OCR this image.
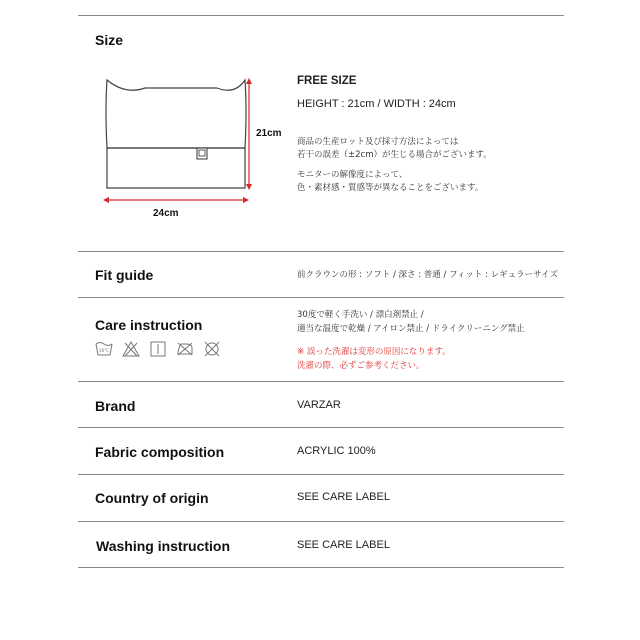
Size
21cm
24cm
FREE SIZE
HEIGHT : 21cm / WIDTH : 24cm
商品の生産ロット及び採寸方法によっては
若干の誤差（±2cm）が生じる場合がございます。
モニターの解像度によって、
色・素材感・質感等が異なることをございます。
Fit guide	前クラウンの形 : ソフト / 深さ : 普通 / フィット : レギュラーサイズ
Care instruction
30°C
30度で軽く手洗い / 漂白剤禁止 /
適当な温度で乾燥 / アイロン禁止 / ドライクリーニング禁止
※ 誤った洗濯は変形の原因になります。
洗濯の際、必ずご参考ください。
Brand	VARZAR
Fabric composition	ACRYLIC 100%
Country of origin	SEE CARE LABEL
Washing instruction	SEE CARE LABEL
